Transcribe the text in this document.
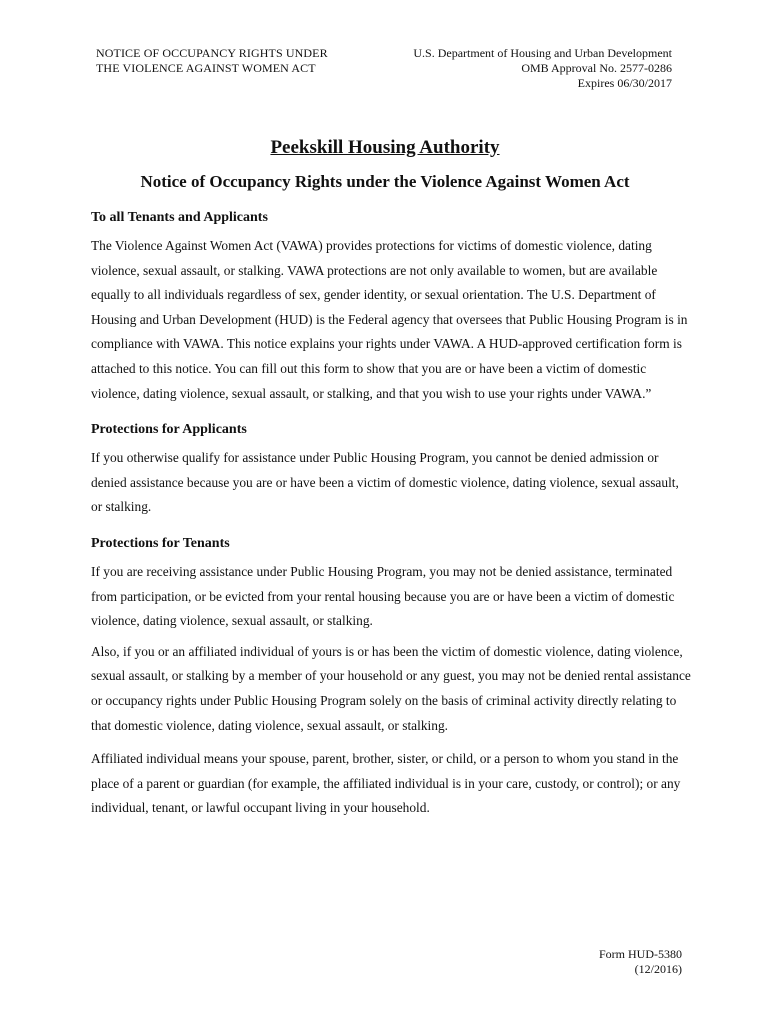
NOTICE OF OCCUPANCY RIGHTS UNDER
THE VIOLENCE AGAINST WOMEN ACT
U.S. Department of Housing and Urban Development
OMB Approval No. 2577-0286
Expires 06/30/2017
Peekskill Housing Authority
Notice of Occupancy Rights under the Violence Against Women Act
To all Tenants and Applicants

The Violence Against Women Act (VAWA) provides protections for victims of domestic violence, dating violence, sexual assault, or stalking. VAWA protections are not only available to women, but are available equally to all individuals regardless of sex, gender identity, or sexual orientation. The U.S. Department of Housing and Urban Development (HUD) is the Federal agency that oversees that Public Housing Program is in compliance with VAWA. This notice explains your rights under VAWA. A HUD-approved certification form is attached to this notice. You can fill out this form to show that you are or have been a victim of domestic violence, dating violence, sexual assault, or stalking, and that you wish to use your rights under VAWA.”

Protections for Applicants

If you otherwise qualify for assistance under Public Housing Program, you cannot be denied admission or denied assistance because you are or have been a victim of domestic violence, dating violence, sexual assault, or stalking.

Protections for Tenants

If you are receiving assistance under Public Housing Program, you may not be denied assistance, terminated from participation, or be evicted from your rental housing because you are or have been a victim of domestic violence, dating violence, sexual assault, or stalking.

Also, if you or an affiliated individual of yours is or has been the victim of domestic violence, dating violence, sexual assault, or stalking by a member of your household or any guest, you may not be denied rental assistance or occupancy rights under Public Housing Program solely on the basis of criminal activity directly relating to that domestic violence, dating violence, sexual assault, or stalking.

Affiliated individual means your spouse, parent, brother, sister, or child, or a person to whom you stand in the place of a parent or guardian (for example, the affiliated individual is in your care, custody, or control); or any individual, tenant, or lawful occupant living in your household.

Form HUD-5380
(12/2016)
